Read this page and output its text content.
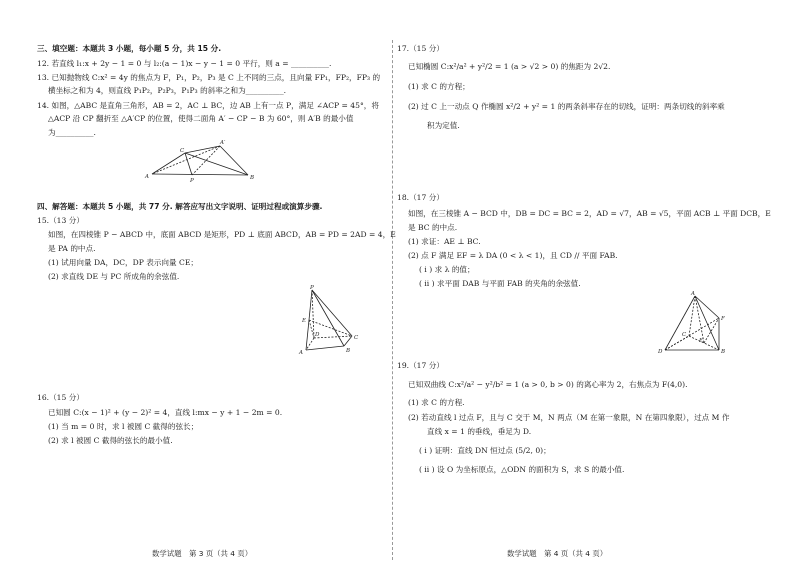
三、填空题：本题共 3 小题，每小题 5 分，共 15 分.
12. 若直线 l₁:x + 2y − 1 = 0 与 l₂:(a − 1)x − y − 1 = 0 平行，则 a = __________.
13. 已知抛物线 C:x² = 4y 的焦点为 F，P₁，P₂，P₃ 是 C 上不同的三点，且向量 FP₁，FP₂，FP₃ 的
横坐标之和为 4，则直线 P₁P₂，P₂P₃，P₁P₃ 的斜率之和为__________.
14. 如图，△ABC 是直角三角形，AB = 2，AC ⊥ BC，边 AB 上有一点 P，满足 ∠ACP = 45°，将
△ACP 沿 CP 翻折至 △A′CP 的位置，使得二面角 A′ − CP − B 为 60°，则 A′B 的最小值
为__________.
C
A′
A
P	B
四、解答题：本题共 5 小题，共 77 分. 解答应写出文字说明、证明过程或演算步骤.
15.（13 分）
如图，在四棱锥 P − ABCD 中，底面 ABCD 是矩形，PD ⊥ 底面 ABCD，AB = PD = 2AD = 4，E
是 PA 的中点.
(1) 试用向量 DA，DC，DP 表示向量 CE；
(2) 求直线 DE 与 PC 所成角的余弦值.
P
E
D	C
A	B
16.（15 分）
已知圆 C:(x − 1)² + (y − 2)² = 4，直线 l:mx − y + 1 − 2m = 0.
(1) 当 m = 0 时，求 l 被圆 C 截得的弦长；
(2) 求 l 被圆 C 截得的弦长的最小值.
数学试题　第 3 页（共 4 页）
17.（15 分）
已知椭圆 C:x²/a² + y²/2 = 1 (a > √2 > 0) 的焦距为 2√2.
(1) 求 C 的方程；
(2) 过 C 上一动点 Q 作椭圆 x²/2 + y² = 1 的两条斜率存在的切线，证明：两条切线的斜率乘
积为定值.
18.（17 分）
如图，在三棱锥 A − BCD 中，DB = DC = BC = 2，AD = √7，AB = √5，平面 ACB ⊥ 平面 DCB，E
是 BC 的中点.
(1) 求证：AE ⊥ BC.
(2) 点 F 满足 EF = λ DA (0 < λ < 1)，且 CD // 平面 FAB.
( i ) 求 λ 的值；
( ii ) 求平面 DAB 与平面 FAB 的夹角的余弦值.
A
F
C
E
D	B
19.（17 分）
已知双曲线 C:x²/a² − y²/b² = 1 (a > 0, b > 0) 的离心率为 2，右焦点为 F(4,0).
(1) 求 C 的方程.
(2) 若动直线 l 过点 F，且与 C 交于 M，N 两点（M 在第一象限，N 在第四象限），过点 M 作
直线 x = 1 的垂线，垂足为 D.
( i ) 证明：直线 DN 恒过点 (5/2, 0)；
( ii ) 设 O 为坐标原点，△ODN 的面积为 S，求 S 的最小值.
数学试题　第 4 页（共 4 页）
